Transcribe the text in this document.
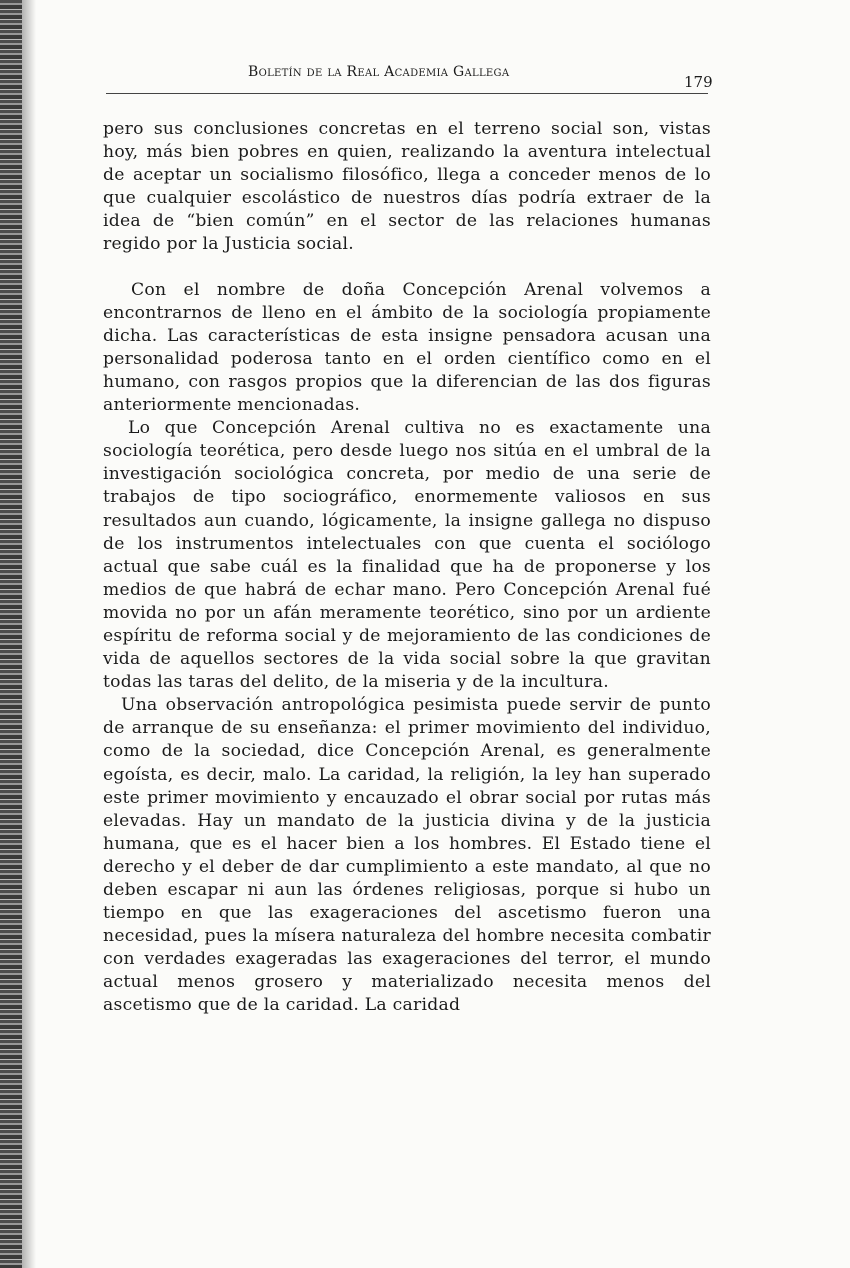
Boletín de la Real Academia Gallega
179

pero sus conclusiones concretas en el terreno social son, vistas hoy, más bien pobres en quien, realizando la aventura intelectual de aceptar un socialismo filosófico, llega a conceder menos de lo que cualquier escolástico de nuestros días podría extraer de la idea de “bien común” en el sector de las relaciones humanas regido por la Justicia social.

Con el nombre de doña Concepción Arenal volvemos a encontrarnos de lleno en el ámbito de la sociología propiamente dicha. Las características de esta insigne pensadora acusan una personalidad poderosa tanto en el orden científico como en el humano, con rasgos propios que la diferencian de las dos figuras anteriormente mencionadas.

Lo que Concepción Arenal cultiva no es exactamente una sociología teorética, pero desde luego nos sitúa en el umbral de la investigación sociológica concreta, por medio de una serie de trabajos de tipo sociográfico, enormemente valiosos en sus resultados aun cuando, lógicamente, la insigne gallega no dispuso de los instrumentos intelectuales con que cuenta el sociólogo actual que sabe cuál es la finalidad que ha de proponerse y los medios de que habrá de echar mano. Pero Concepción Arenal fué movida no por un afán meramente teorético, sino por un ardiente espíritu de reforma social y de mejoramiento de las condiciones de vida de aquellos sectores de la vida social sobre la que gravitan todas las taras del delito, de la miseria y de la incultura.

Una observación antropológica pesimista puede servir de punto de arranque de su enseñanza: el primer movimiento del individuo, como de la sociedad, dice Concepción Arenal, es generalmente egoísta, es decir, malo. La caridad, la religión, la ley han superado este primer movimiento y encauzado el obrar social por rutas más elevadas. Hay un mandato de la justicia divina y de la justicia humana, que es el hacer bien a los hombres. El Estado tiene el derecho y el deber de dar cumplimiento a este mandato, al que no deben escapar ni aun las órdenes religiosas, porque si hubo un tiempo en que las exageraciones del ascetismo fueron una necesidad, pues la mísera naturaleza del hombre necesita combatir con verdades exageradas las exageraciones del terror, el mundo actual menos grosero y materializado necesita menos del ascetismo que de la caridad. La caridad
